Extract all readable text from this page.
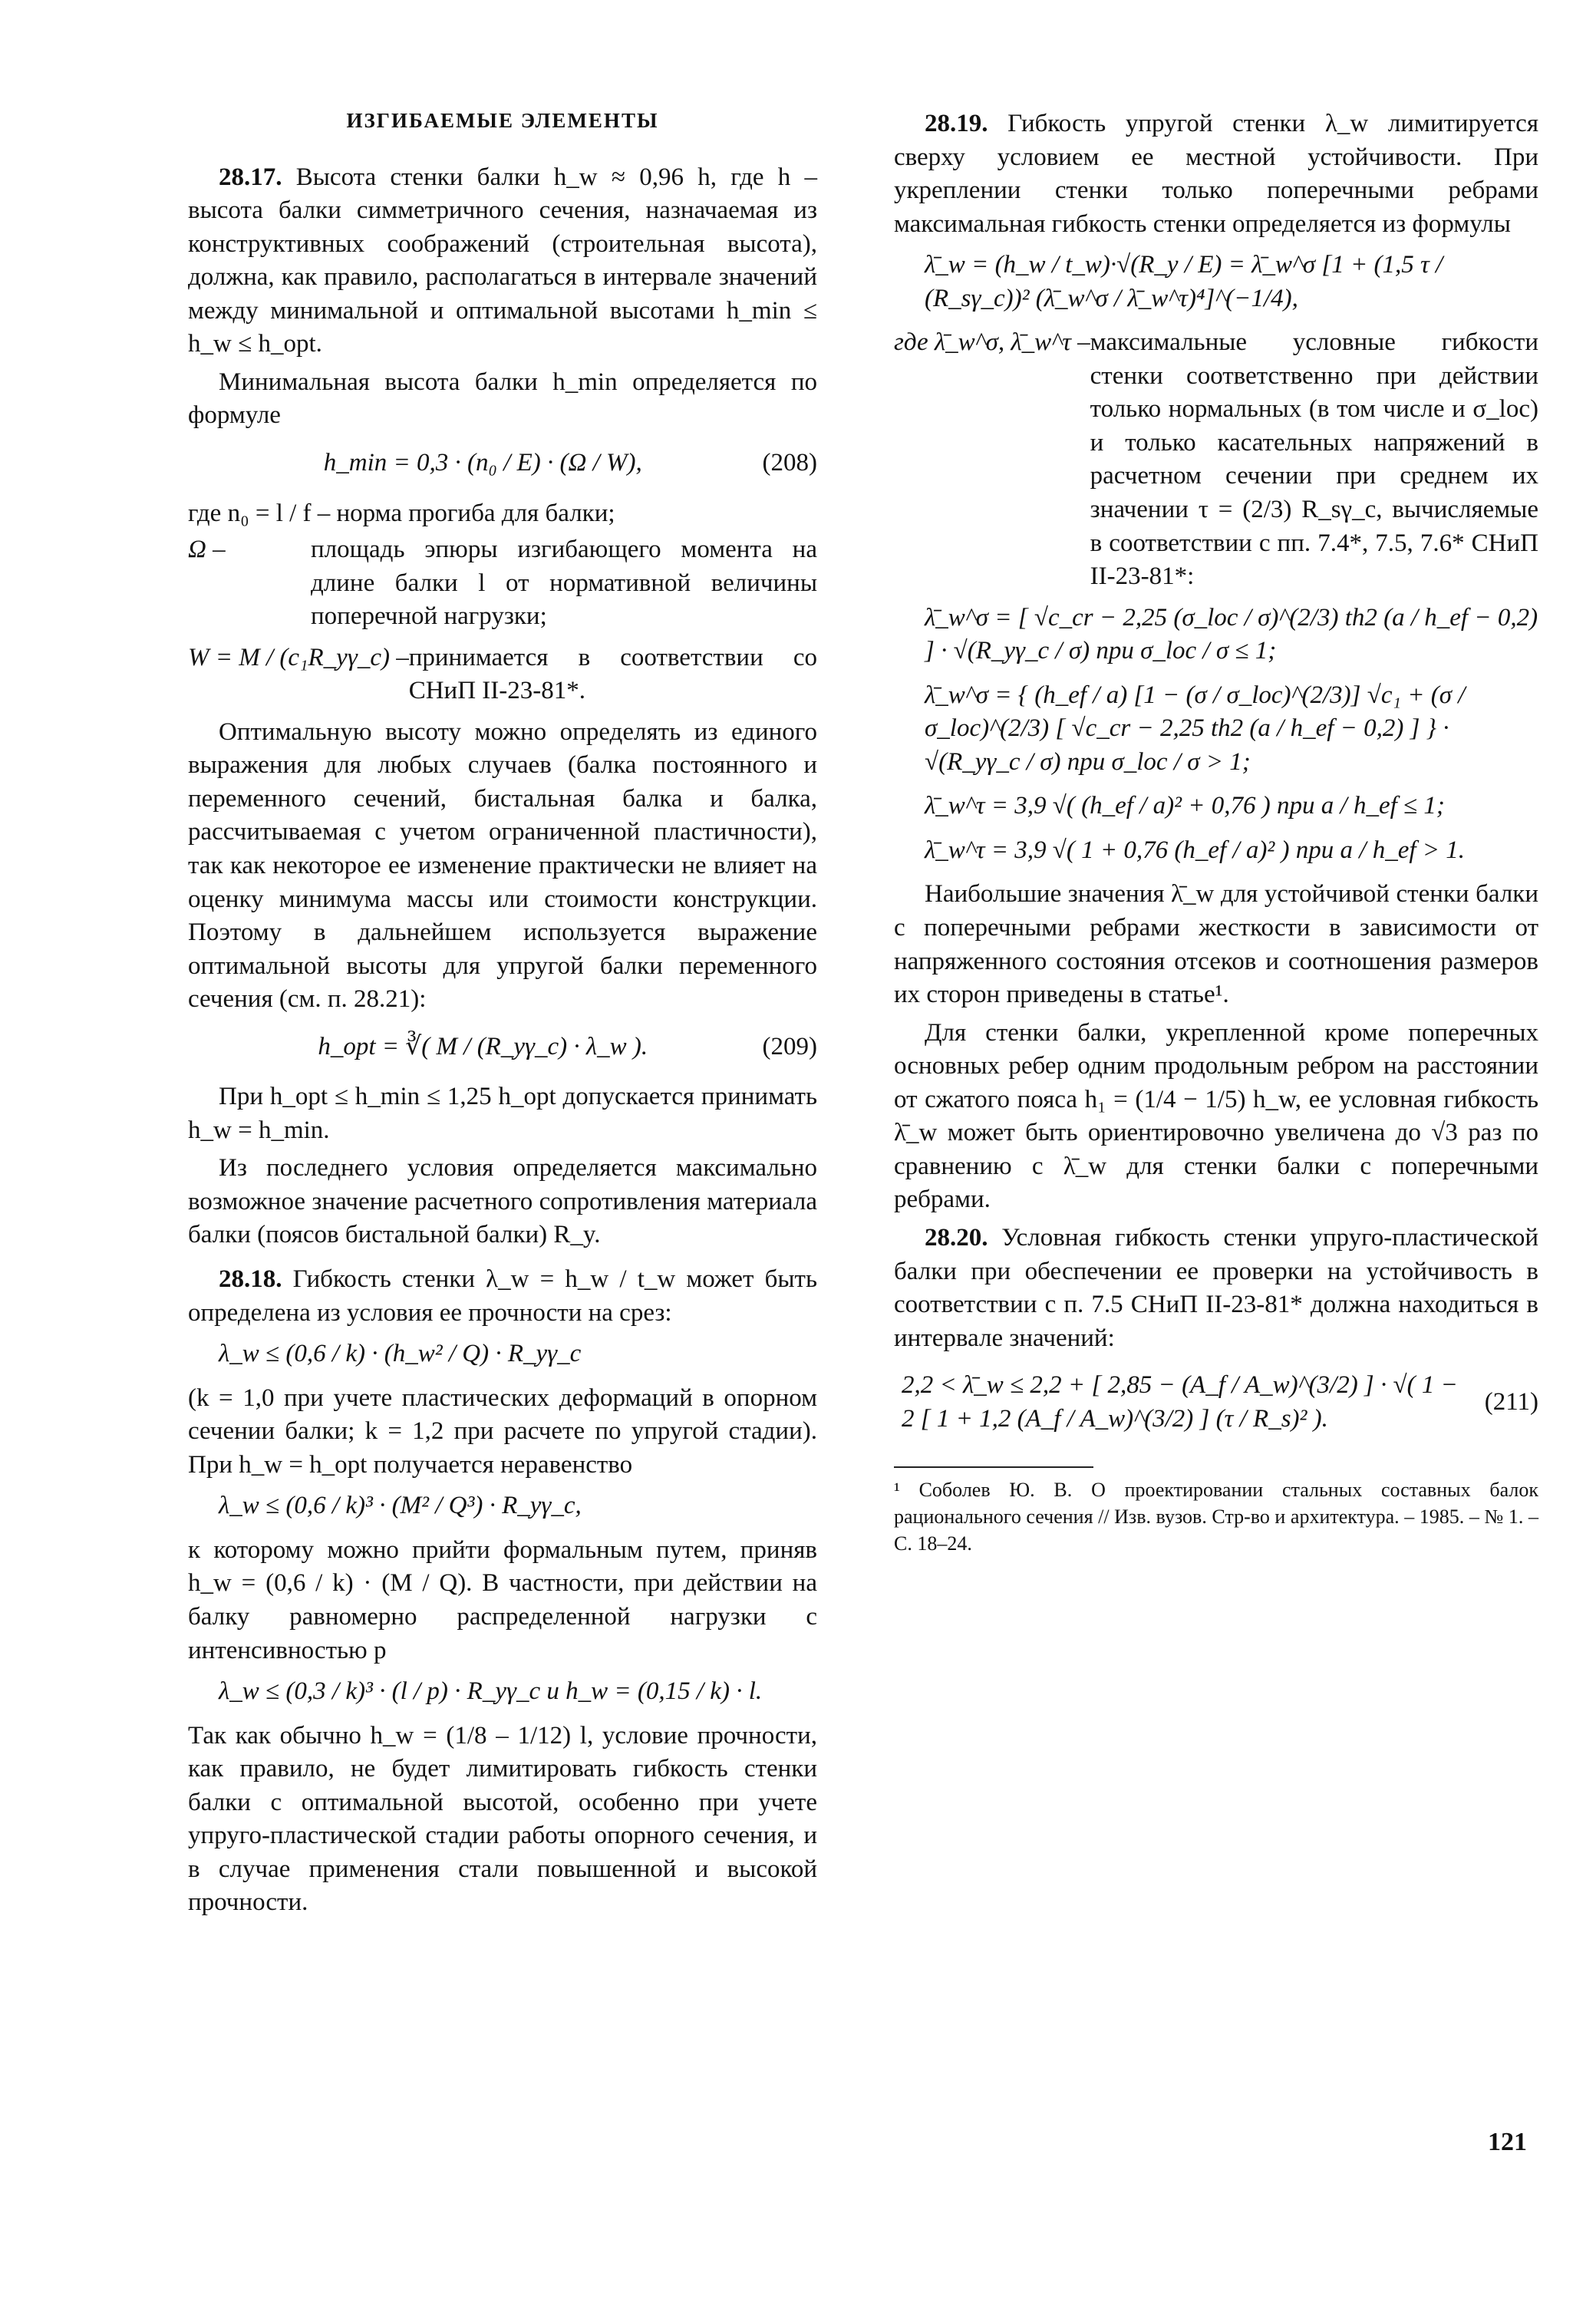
ИЗГИБАЕМЫЕ ЭЛЕМЕНТЫ

28.17. Высота стенки балки h_w ≈ 0,96 h, где h – высота балки симметричного сечения, назначаемая из конструктивных соображений (строительная высота), должна, как правило, располагаться в интервале значений между минимальной и оптимальной высотами h_min ≤ h_w ≤ h_opt.

Минимальная высота балки h_min определяется по формуле

h_min = 0,3 · (n₀ / E) · (Ω / W),	(208)

где n₀ = l / f – норма прогиба для балки;

Ω –	площадь эпюры изгибающего момента на длине балки l от нормативной величины поперечной нагрузки;
W = M / (c₁R_yγ_c) – принимается в соответствии со СНиП II-23-81*.

Оптимальную высоту можно определять из единого выражения для любых случаев (балка постоянного и переменного сечений, бистальная балка и балка, рассчитываемая с учетом ограниченной пластичности), так как некоторое ее изменение практически не влияет на оценку минимума массы или стоимости конструкции. Поэтому в дальнейшем используется выражение оптимальной высоты для упругой балки переменного сечения (см. п. 28.21):

h_opt = ∛( M / (R_yγ_c) · λ_w ).	(209)

При h_opt ≤ h_min ≤ 1,25 h_opt допускается принимать h_w = h_min.

Из последнего условия определяется максимально возможное значение расчетного сопротивления материала балки (поясов бистальной балки) R_y.

28.18. Гибкость стенки λ_w = h_w / t_w может быть определена из условия ее прочности на срез:

λ_w ≤ (0,6 / k) · (h_w² / Q) · R_yγ_c

(k = 1,0 при учете пластических деформаций в опорном сечении балки; k = 1,2 при расчете по упругой стадии). При h_w = h_opt получается неравенство

λ_w ≤ (0,6 / k)³ · (M² / Q³) · R_yγ_c,

к которому можно прийти формальным путем, приняв h_w = (0,6 / k) · (M / Q). В частности, при действии на балку равномерно распределенной нагрузки с интенсивностью p

λ_w ≤ (0,3 / k)³ · (l / p) · R_yγ_c и h_w = (0,15 / k) · l.

Так как обычно h_w = (1/8 – 1/12) l, условие прочности, как правило, не будет лимитировать гибкость стенки балки с оптимальной высотой, особенно при учете упруго-пластической стадии работы опорного сечения, и в случае применения стали повышенной и высокой прочности.

28.19. Гибкость упругой стенки λ_w лимитируется сверху условием ее местной устойчивости. При укреплении стенки только поперечными ребрами максимальная гибкость стенки определяется из формулы

λ̄_w = (h_w / t_w)·√(R_y / E) = λ̄_w^σ [1 + (1,5 τ / (R_sγ_c))² (λ̄_w^σ / λ̄_w^τ)⁴]^(−1/4),
где λ̄_w^σ, λ̄_w^τ – максимальные условные гибкости стенки соответственно при действии только нормальных (в том числе и σ_loc) и только касательных напряжений в расчетном сечении при среднем их значении τ = (2/3) R_sγ_c, вычисляемые в соответствии с пп. 7.4*, 7.5, 7.6* СНиП II-23-81*:
λ̄_w^σ = [ √c_cr − 2,25 (σ_loc / σ)^(2/3) th2 (a / h_ef − 0,2) ] · √(R_yγ_c / σ) при σ_loc / σ ≤ 1;
λ̄_w^σ = { (h_ef / a) [1 − (σ / σ_loc)^(2/3)] √c₁ + (σ / σ_loc)^(2/3) [ √c_cr − 2,25 th2 (a / h_ef − 0,2) ] } · √(R_yγ_c / σ) при σ_loc / σ > 1;
λ̄_w^τ = 3,9 √( (h_ef / a)² + 0,76 ) при a / h_ef ≤ 1;
λ̄_w^τ = 3,9 √( 1 + 0,76 (h_ef / a)² ) при a / h_ef > 1.

Наибольшие значения λ̄_w для устойчивой стенки балки с поперечными ребрами жесткости в зависимости от напряженного состояния отсеков и соотношения размеров их сторон приведены в статье¹.

Для стенки балки, укрепленной кроме поперечных основных ребер одним продольным ребром на расстоянии от сжатого пояса h₁ = (1/4 − 1/5) h_w, ее условная гибкость λ̄_w может быть ориентировочно увеличена до √3 раз по сравнению с λ̄_w для стенки балки с поперечными ребрами.

28.20. Условная гибкость стенки упруго-пластической балки при обеспечении ее проверки на устойчивость в соответствии с п. 7.5 СНиП II-23-81* должна находиться в интервале значений:

2,2 < λ̄_w ≤ 2,2 + [ 2,85 − (A_f / A_w)^(3/2) ] · √( 1 − 2 [ 1 + 1,2 (A_f / A_w)^(3/2) ] (τ / R_s)² ).
(211)

¹ Соболев Ю. В. О проектировании стальных составных балок рационального сечения // Изв. вузов. Стр-во и архитектура. – 1985. – № 1. – С. 18–24.

121
